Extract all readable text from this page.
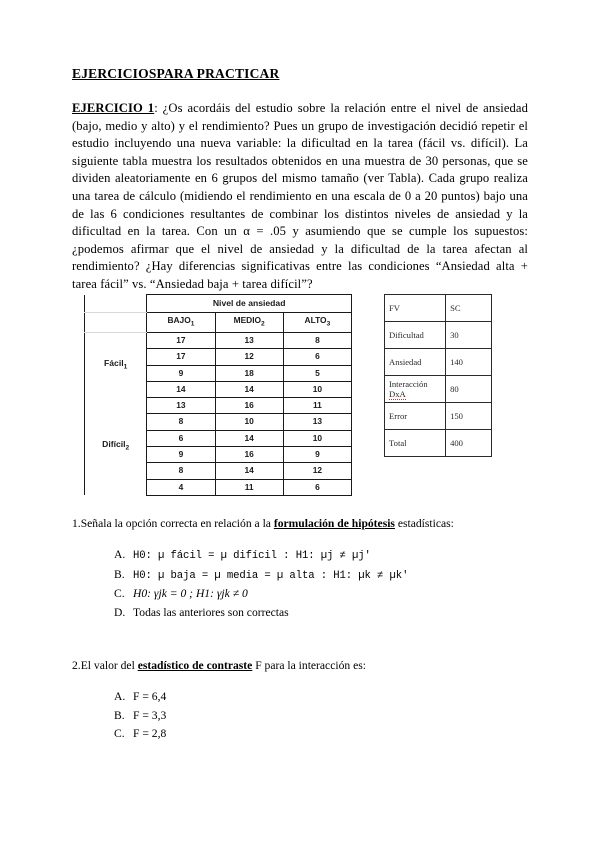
EJERCICIOSPARA PRACTICAR

EJERCICIO 1: ¿Os acordáis del estudio sobre la relación entre el nivel de ansiedad (bajo, medio y alto) y el rendimiento? Pues un grupo de investigación decidió repetir el estudio incluyendo una nueva variable: la dificultad en la tarea (fácil vs. difícil). La siguiente tabla muestra los resultados obtenidos en una muestra de 30 personas, que se dividen aleatoriamente en 6 grupos del mismo tamaño (ver Tabla). Cada grupo realiza una tarea de cálculo (midiendo el rendimiento en una escala de 0 a 20 puntos) bajo una de las 6 condiciones resultantes de combinar los distintos niveles de ansiedad y la dificultad en la tarea. Con un α = .05 y asumiendo que se cumple los supuestos: ¿podemos afirmar que el nivel de ansiedad y la dificultad de la tarea afectan al rendimiento? ¿Hay diferencias significativas entre las condiciones “Ansiedad alta + tarea fácil” vs. “Ansiedad baja + tarea difícil”?

	Nivel de ansiedad		
	$BAJO_1$	$MEDIO_2$	$ALTO_3$
Fácil$_1$	17	13	8
	17	12	6
	9	18	5
	14	14	10
Difícil$_2$	13	16	11
	8	10	13
	6	14	10
	9	16	9
	8	14	12
	4	11	6
FV	SC
Dificultad	30
Ansiedad	140
Interacción
DxA	80
Error	150
Total	400

1.Señala la opción correcta en relación a la formulación de hipótesis estadísticas:

A. H0: µ fácil = µ difícil : H1: µj ≠ µj'
B. H0: µ baja = µ media = µ alta : H1: µk ≠ µk'
C. H0: γjk = 0 ; H1: γjk ≠ 0
D. Todas las anteriores son correctas

2.El valor del estadístico de contraste F para la interacción es:

A. F = 6,4
B. F = 3,3
C. F = 2,8
